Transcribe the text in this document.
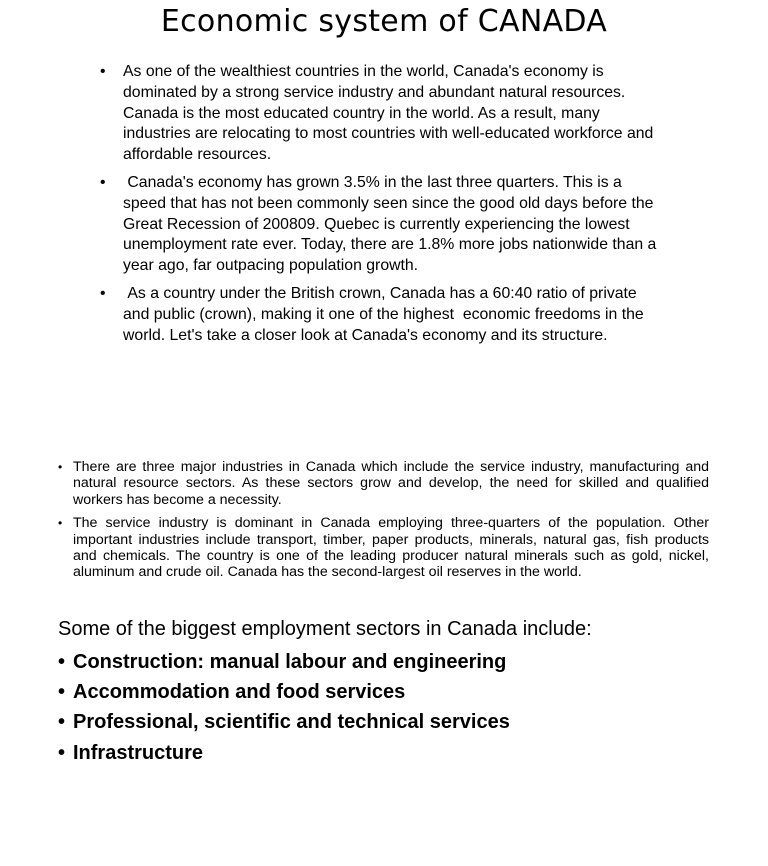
Economic system of CANADA
• As one of the wealthiest countries in the world, Canada's economy is dominated by a strong service industry and abundant natural resources. Canada is the most educated country in the world. As a result, many industries are relocating to most countries with well-educated workforce and affordable resources.
• Canada's economy has grown 3.5% in the last three quarters. This is a speed that has not been commonly seen since the good old days before the Great Recession of 200809. Quebec is currently experiencing the lowest unemployment rate ever. Today, there are 1.8% more jobs nationwide than a year ago, far outpacing population growth.
• As a country under the British crown, Canada has a 60:40 ratio of private and public (crown), making it one of the highest  economic freedoms in the world. Let's take a closer look at Canada's economy and its structure.
• There are three major industries in Canada which include the service industry, manufacturing and natural resource sectors. As these sectors grow and develop, the need for skilled and qualified workers has become a necessity.
• The service industry is dominant in Canada employing three-quarters of the population. Other important industries include transport, timber, paper products, minerals, natural gas, fish products and chemicals. The country is one of the leading producer natural minerals such as gold, nickel, aluminum and crude oil. Canada has the second-largest oil reserves in the world.

Some of the biggest employment sectors in Canada include:

• Construction: manual labour and engineering
• Accommodation and food services
• Professional, scientific and technical services
• Infrastructure
